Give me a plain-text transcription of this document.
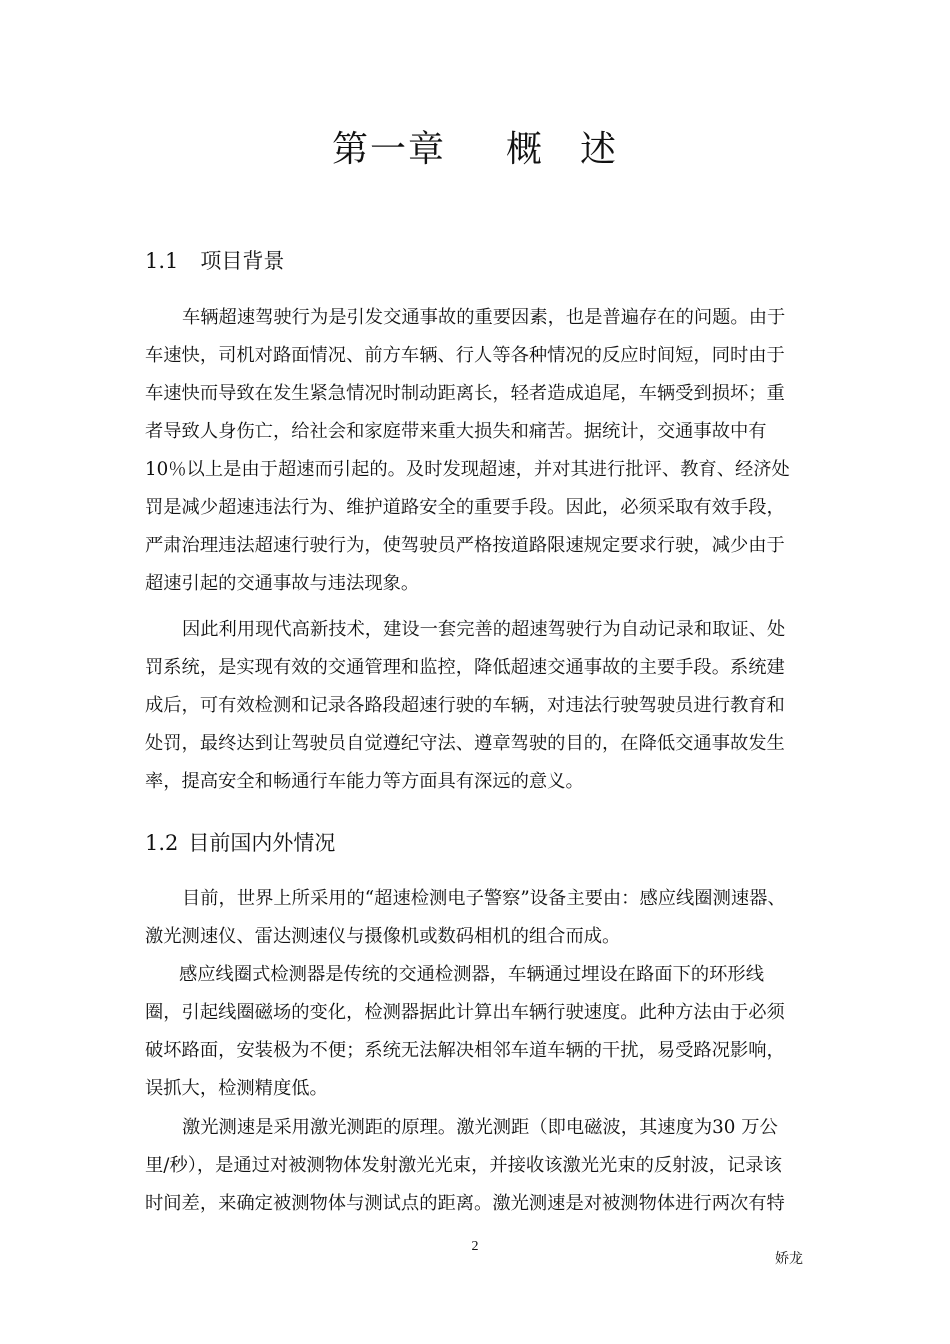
第一章 概 述
1.1 项目背景
车辆超速驾驶行为是引发交通事故的重要因素，也是普遍存在的问题。由于
车速快，司机对路面情况、前方车辆、行人等各种情况的反应时间短，同时由于
车速快而导致在发生紧急情况时制动距离长，轻者造成追尾，车辆受到损坏；重
者导致人身伤亡，给社会和家庭带来重大损失和痛苦。据统计，交通事故中有
10％以上是由于超速而引起的。及时发现超速，并对其进行批评、教育、经济处
罚是减少超速违法行为、维护道路安全的重要手段。因此，必须采取有效手段，
严肃治理违法超速行驶行为，使驾驶员严格按道路限速规定要求行驶，减少由于
超速引起的交通事故与违法现象。
因此利用现代高新技术，建设一套完善的超速驾驶行为自动记录和取证、处
罚系统，是实现有效的交通管理和监控，降低超速交通事故的主要手段。系统建
成后，可有效检测和记录各路段超速行驶的车辆，对违法行驶驾驶员进行教育和
处罚，最终达到让驾驶员自觉遵纪守法、遵章驾驶的目的，在降低交通事故发生
率，提高安全和畅通行车能力等方面具有深远的意义。
1.2 目前国内外情况
目前，世界上所采用的“超速检测电子警察”设备主要由：感应线圈测速器、
激光测速仪、雷达测速仪与摄像机或数码相机的组合而成。
感应线圈式检测器是传统的交通检测器，车辆通过埋设在路面下的环形线
圈，引起线圈磁场的变化，检测器据此计算出车辆行驶速度。此种方法由于必须
破坏路面，安装极为不便；系统无法解决相邻车道车辆的干扰，易受路况影响，
误抓大，检测精度低。
激光测速是采用激光测距的原理。激光测距（即电磁波，其速度为30 万公
里/秒），是通过对被测物体发射激光光束，并接收该激光光束的反射波，记录该
时间差，来确定被测物体与测试点的距离。激光测速是对被测物体进行两次有特
2
娇龙
